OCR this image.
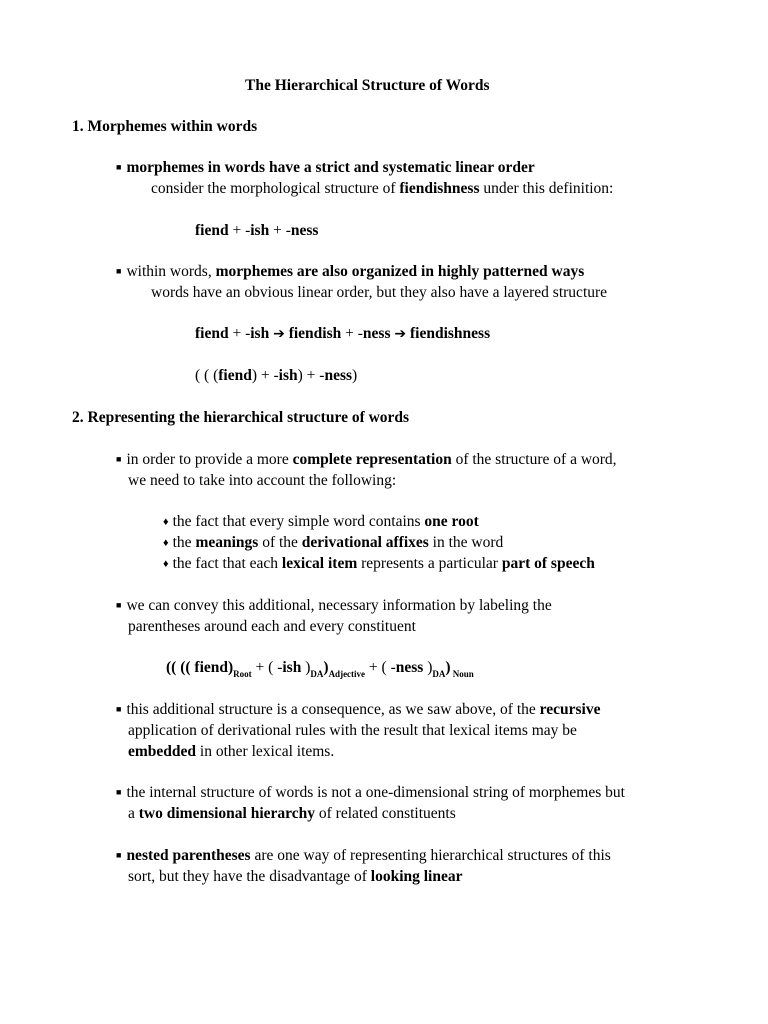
The Hierarchical Structure of Words
1. Morphemes within words
■ morphemes in words have a strict and systematic linear order
consider the morphological structure of fiendishness under this definition:
fiend + -ish + -ness
■ within words, morphemes are also organized in highly patterned ways
words have an obvious linear order, but they also have a layered structure
fiend + -ish ➔ fiendish + -ness ➔ fiendishness
( ( (fiend) + -ish) + -ness)
2. Representing the hierarchical structure of words
■ in order to provide a more complete representation of the structure of a word,
we need to take into account the following:
♦ the fact that every simple word contains one root
♦ the meanings of the derivational affixes in the word
♦ the fact that each lexical item represents a particular part of speech
■ we can convey this additional, necessary information by labeling the
parentheses around each and every constituent
(( (( $fiend)_{Root}$ + ( -ish )$_{DA})_{Adjective}$ + ( -ness )$_{DA}$) $_{Noun}$
■ this additional structure is a consequence, as we saw above, of the recursive
application of derivational rules with the result that lexical items may be
embedded in other lexical items.
■ the internal structure of words is not a one-dimensional string of morphemes but
a two dimensional hierarchy of related constituents
■ nested parentheses are one way of representing hierarchical structures of this
sort, but they have the disadvantage of looking linear
